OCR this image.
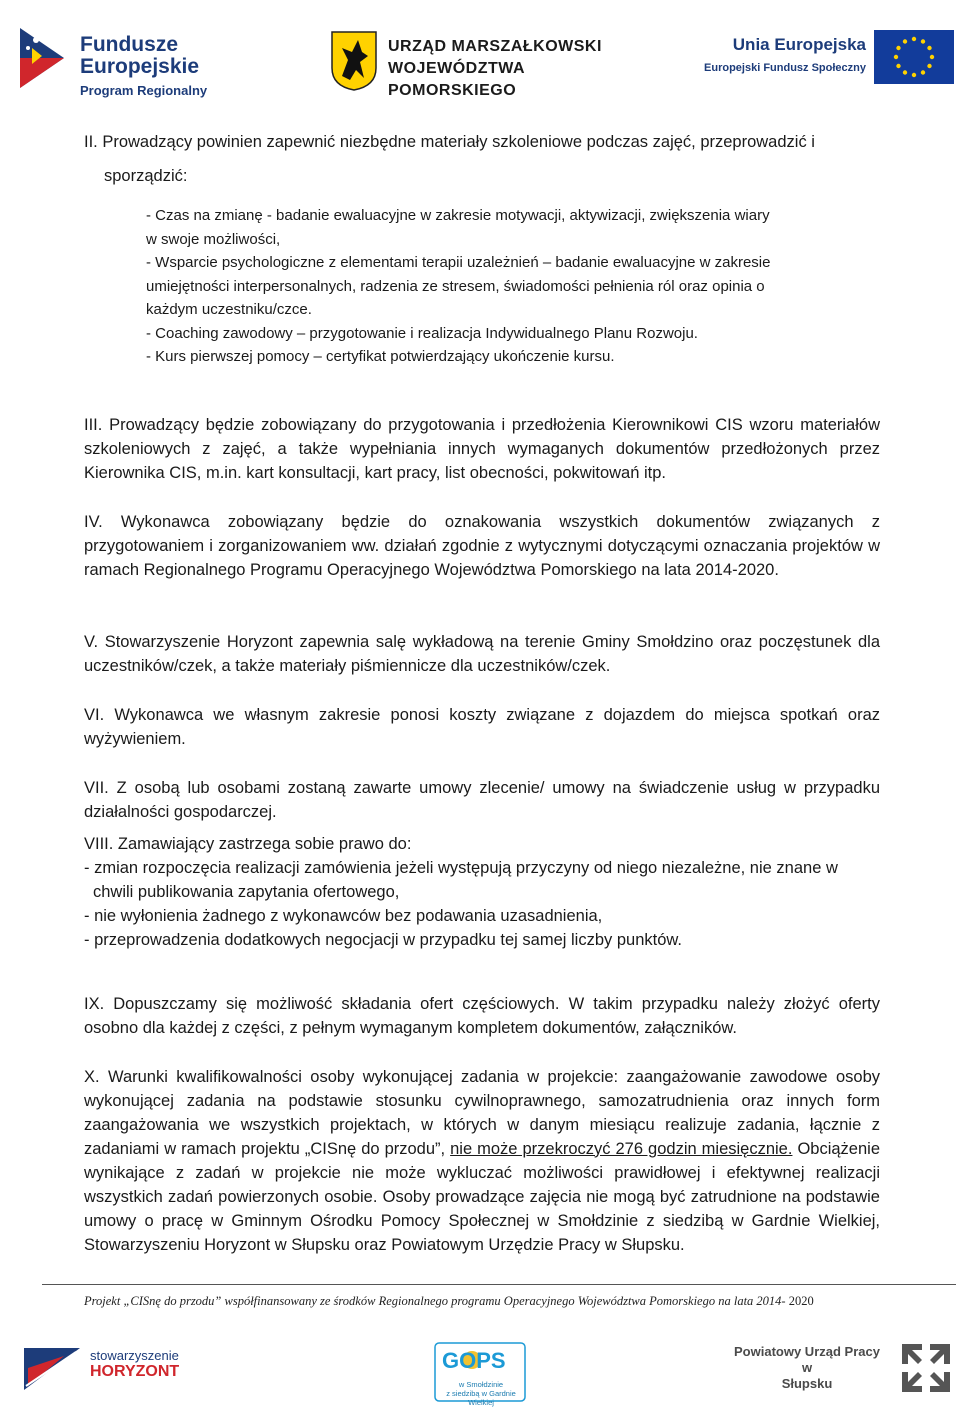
Fundusze
Europejskie
Program Regionalny
URZĄD MARSZAŁKOWSKI
WOJEWÓDZTWA POMORSKIEGO
Unia Europejska
Europejski Fundusz Społeczny
II. Prowadzący powinien zapewnić niezbędne materiały szkoleniowe podczas zajęć, przeprowadzić i
sporządzić:
- Czas na zmianę - badanie ewaluacyjne w zakresie motywacji, aktywizacji, zwiększenia wiary
w swoje możliwości,
- Wsparcie psychologiczne z elementami terapii uzależnień – badanie ewaluacyjne w zakresie
umiejętności interpersonalnych, radzenia ze stresem, świadomości pełnienia ról oraz opinia o
każdym uczestniku/czce.
- Coaching zawodowy – przygotowanie i realizacja Indywidualnego Planu Rozwoju.
- Kurs pierwszej pomocy – certyfikat potwierdzający ukończenie kursu.

III. Prowadzący będzie zobowiązany do przygotowania i przedłożenia Kierownikowi CIS wzoru materiałów szkoleniowych z zajęć, a także wypełniania innych wymaganych dokumentów przedłożonych przez Kierownika CIS, m.in. kart konsultacji, kart pracy, list obecności, pokwitowań itp.

IV. Wykonawca zobowiązany będzie do oznakowania wszystkich dokumentów związanych z przygotowaniem i zorganizowaniem ww. działań zgodnie z wytycznymi dotyczącymi oznaczania projektów w ramach Regionalnego Programu Operacyjnego Województwa Pomorskiego na lata 2014-2020.

V. Stowarzyszenie Horyzont zapewnia salę wykładową na terenie Gminy Smołdzino oraz poczęstunek dla uczestników/czek, a także materiały piśmiennicze dla uczestników/czek.

VI. Wykonawca we własnym zakresie ponosi koszty związane z dojazdem do miejsca spotkań oraz wyżywieniem.

VII. Z osobą lub osobami zostaną zawarte umowy zlecenie/ umowy na świadczenie usług w przypadku działalności gospodarczej.

VIII. Zamawiający zastrzega sobie prawo do:
- zmian rozpoczęcia realizacji zamówienia jeżeli występują przyczyny od niego niezależne, nie znane w
chwili publikowania zapytania ofertowego,
- nie wyłonienia żadnego z wykonawców bez podawania uzasadnienia,
- przeprowadzenia dodatkowych negocjacji w przypadku tej samej liczby punktów.

IX. Dopuszczamy się możliwość składania ofert częściowych. W takim przypadku należy złożyć oferty osobno dla każdej z części, z pełnym wymaganym kompletem dokumentów, załączników.

X. Warunki kwalifikowalności osoby wykonującej zadania w projekcie: zaangażowanie zawodowe osoby wykonującej zadania na podstawie stosunku cywilnoprawnego, samozatrudnienia oraz innych form zaangażowania we wszystkich projektach, w których w danym miesiącu realizuje zadania, łącznie z zadaniami w ramach projektu „CISnę do przodu”, nie może przekroczyć 276 godzin miesięcznie. Obciążenie wynikające z zadań w projekcie nie może wykluczać możliwości prawidłowej i efektywnej realizacji wszystkich zadań powierzonych osobie. Osoby prowadzące zajęcia nie mogą być zatrudnione na podstawie umowy o pracę w Gminnym Ośrodku Pomocy Społecznej w Smołdzinie z siedzibą w Gardnie Wielkiej, Stowarzyszeniu Horyzont w Słupsku oraz Powiatowym Urzędzie Pracy w Słupsku.

Projekt „CISnę do przodu” współfinansowany ze środków Regionalnego programu Operacyjnego Województwa Pomorskiego na lata 2014- 2020
stowarzyszenie
HORYZONT	GOPS
w Smołdzinie
z siedzibą w Gardnie Wielkiej
Powiatowy Urząd Pracy
w
Słupsku
